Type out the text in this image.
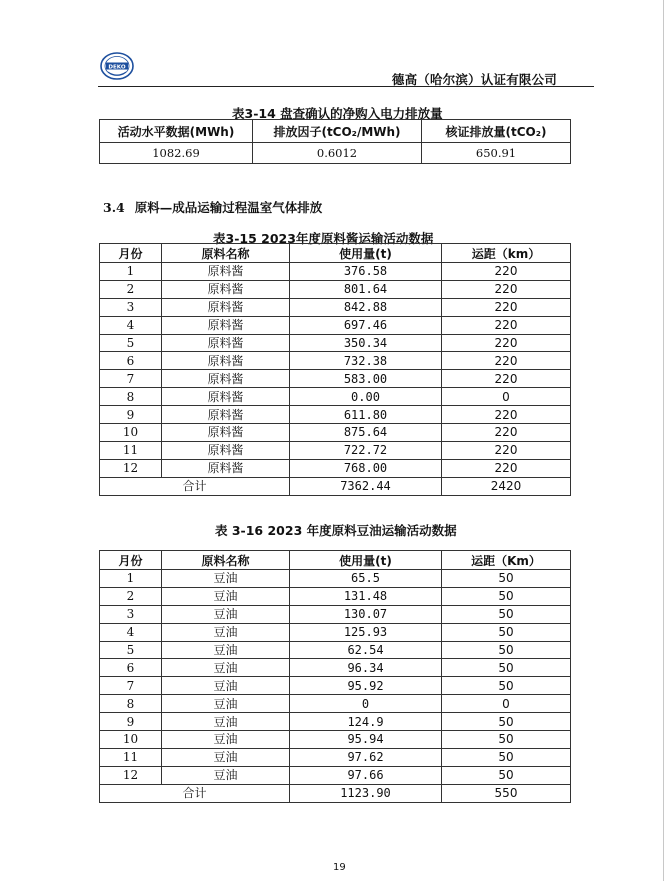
DEKO
德高（哈尔滨）认证有限公司
表3-14 盘查确认的净购入电力排放量
活动水平数据(MWh)	排放因子(tCO₂/MWh)	核证排放量(tCO₂)
1082.69	0.6012	650.91
3.4 原料—成品运输过程温室气体排放
表3-15 2023年度原料酱运输活动数据
月份	原料名称	使用量(t)	运距（km）
1	原料酱	376.58	220
2	原料酱	801.64	220
3	原料酱	842.88	220
4	原料酱	697.46	220
5	原料酱	350.34	220
6	原料酱	732.38	220
7	原料酱	583.00	220
8	原料酱	0.00	0
9	原料酱	611.80	220
10	原料酱	875.64	220
11	原料酱	722.72	220
12	原料酱	768.00	220
合计		7362.44	2420
表 3-16 2023 年度原料豆油运输活动数据
月份	原料名称	使用量(t)	运距（Km）
1	豆油	65.5	50
2	豆油	131.48	50
3	豆油	130.07	50
4	豆油	125.93	50
5	豆油	62.54	50
6	豆油	96.34	50
7	豆油	95.92	50
8	豆油	0	0
9	豆油	124.9	50
10	豆油	95.94	50
11	豆油	97.62	50
12	豆油	97.66	50
合计		1123.90	550
19
